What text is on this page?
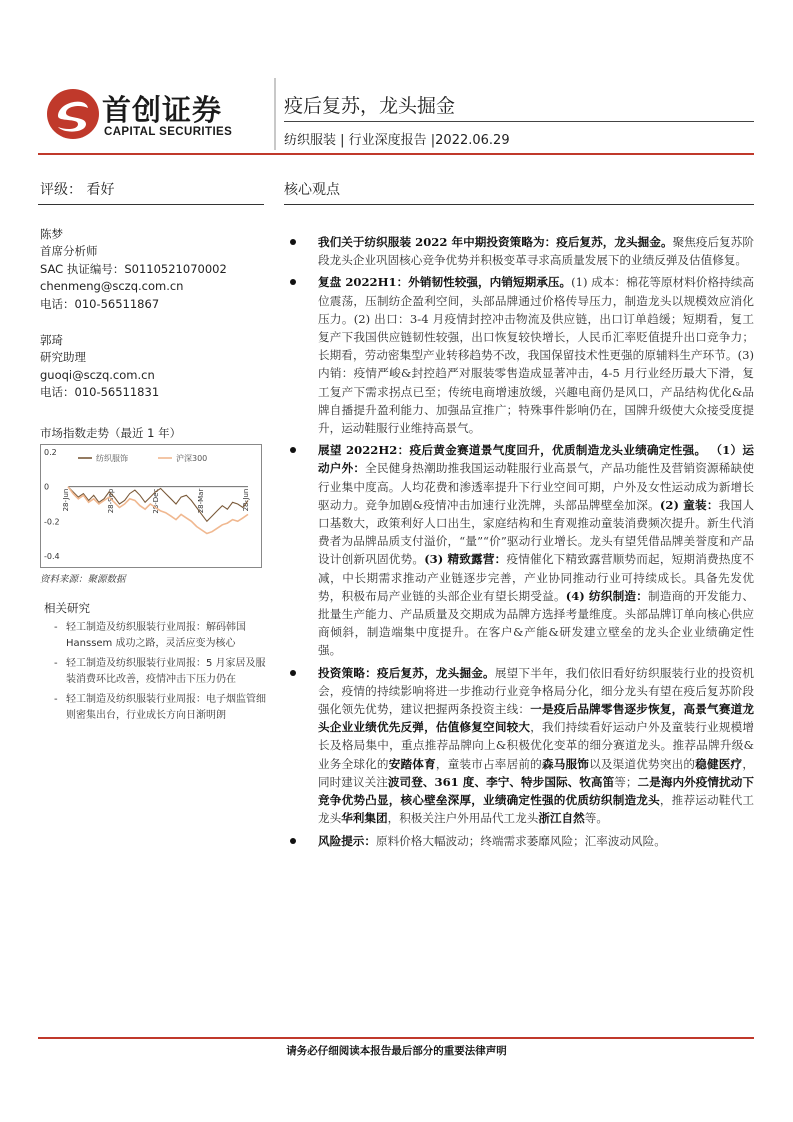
首创证券
CAPITAL SECURITIES
疫后复苏，龙头掘金
纺织服装 | 行业深度报告 |2022.06.29
评级： 看好	核心观点
陈梦
首席分析师
SAC 执证编号：S0110521070002
chenmeng@sczq.com.cn
电话：010-56511867
郭琦
研究助理
guoqi@sczq.com.cn
电话：010-56511831
市场指数走势（最近 1 年）
0.2
0
-0.2
-0.4
28-Jun	28-Sep	28-Dec	28-Mar	28-Jun
纺织服饰	沪深300
资料来源：聚源数据
相关研究
- 轻工制造及纺织服装行业周报：解码韩国 Hanssem 成功之路，灵活应变为核心
- 轻工制造及纺织服装行业周报：5 月家居及服装消费环比改善，疫情冲击下压力仍在
- 轻工制造及纺织服装行业周报：电子烟监管细则密集出台，行业成长方向日渐明朗
我们关于纺织服装 2022 年中期投资策略为：疫后复苏，龙头掘金。聚焦疫后复苏阶段龙头企业巩固核心竞争优势并积极变革寻求高质量发展下的业绩反弹及估值修复。
复盘 2022H1：外销韧性较强，内销短期承压。(1) 成本：棉花等原材料价格持续高位震荡，压制纺企盈利空间，头部品牌通过价格传导压力，制造龙头以规模效应消化压力。(2) 出口：3-4 月疫情封控冲击物流及供应链，出口订单趋缓；短期看，复工复产下我国供应链韧性较强，出口恢复较快增长，人民币汇率贬值提升出口竞争力；长期看，劳动密集型产业转移趋势不改，我国保留技术性更强的原辅料生产环节。(3) 内销：疫情严峻&封控趋严对服装零售造成显著冲击，4-5 月行业经历最大下滑，复工复产下需求拐点已至；传统电商增速放缓，兴趣电商仍是风口，产品结构优化&品牌自播提升盈利能力、加强品宣推广；特殊事件影响仍在，国牌升级使大众接受度提升，运动鞋服行业维持高景气。
展望 2022H2：疫后黄金赛道景气度回升，优质制造龙头业绩确定性强。 （1）运动户外：全民健身热潮助推我国运动鞋服行业高景气，产品功能性及营销资源稀缺使行业集中度高。人均花费和渗透率提升下行业空间可期，户外及女性运动成为新增长驱动力。竞争加剧&疫情冲击加速行业洗牌，头部品牌壁垒加深。(2) 童装：我国人口基数大，政策利好人口出生，家庭结构和生育观推动童装消费频次提升。新生代消费者为品牌品质支付溢价，“量”“价”驱动行业增长。龙头有望凭借品牌美誉度和产品设计创新巩固优势。(3) 精致露营：疫情催化下精致露营顺势而起，短期消费热度不减，中长期需求推动产业链逐步完善，产业协同推动行业可持续成长。具备先发优势，积极布局产业链的头部企业有望长期受益。(4) 纺织制造：制造商的开发能力、批量生产能力、产品质量及交期成为品牌方选择考量维度。头部品牌订单向核心供应商倾斜，制造端集中度提升。在客户&产能&研发建立壁垒的龙头企业业绩确定性强。
投资策略：疫后复苏，龙头掘金。展望下半年，我们依旧看好纺织服装行业的投资机会，疫情的持续影响将进一步推动行业竞争格局分化，细分龙头有望在疫后复苏阶段强化领先优势，建议把握两条投资主线：一是疫后品牌零售逐步恢复，高景气赛道龙头企业业绩优先反弹，估值修复空间较大，我们持续看好运动户外及童装行业规模增长及格局集中，重点推荐品牌向上&积极优化变革的细分赛道龙头。推荐品牌升级&业务全球化的安踏体育，童装市占率居前的森马服饰以及渠道优势突出的稳健医疗，同时建议关注波司登、361 度、李宁、特步国际、牧高笛等；二是海内外疫情扰动下竞争优势凸显，核心壁垒深厚，业绩确定性强的优质纺织制造龙头，推荐运动鞋代工龙头华利集团，积极关注户外用品代工龙头浙江自然等。
风险提示：原料价格大幅波动；终端需求萎靡风险；汇率波动风险。
请务必仔细阅读本报告最后部分的重要法律声明
